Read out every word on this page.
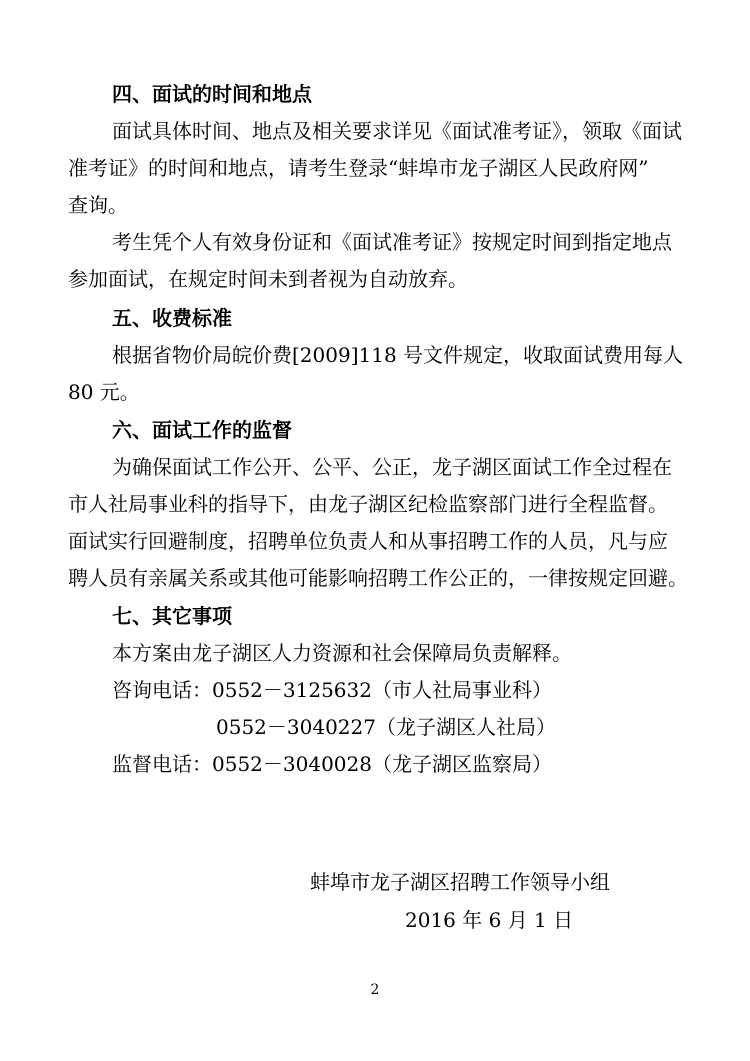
四、面试的时间和地点
面试具体时间、地点及相关要求详见《面试准考证》，领取《面试
准考证》的时间和地点，请考生登录“蚌埠市龙子湖区人民政府网”
查询。
考生凭个人有效身份证和《面试准考证》按规定时间到指定地点
参加面试，在规定时间未到者视为自动放弃。
五、收费标准
根据省物价局皖价费[2009]118 号文件规定，收取面试费用每人
80 元。
六、面试工作的监督
为确保面试工作公开、公平、公正，龙子湖区面试工作全过程在
市人社局事业科的指导下，由龙子湖区纪检监察部门进行全程监督。
面试实行回避制度，招聘单位负责人和从事招聘工作的人员，凡与应
聘人员有亲属关系或其他可能影响招聘工作公正的，一律按规定回避。
七、其它事项
本方案由龙子湖区人力资源和社会保障局负责解释。
咨询电话：0552－3125632（市人社局事业科）
0552－3040227（龙子湖区人社局）
监督电话：0552－3040028（龙子湖区监察局）
蚌埠市龙子湖区招聘工作领导小组
2016 年 6 月 1 日
2
